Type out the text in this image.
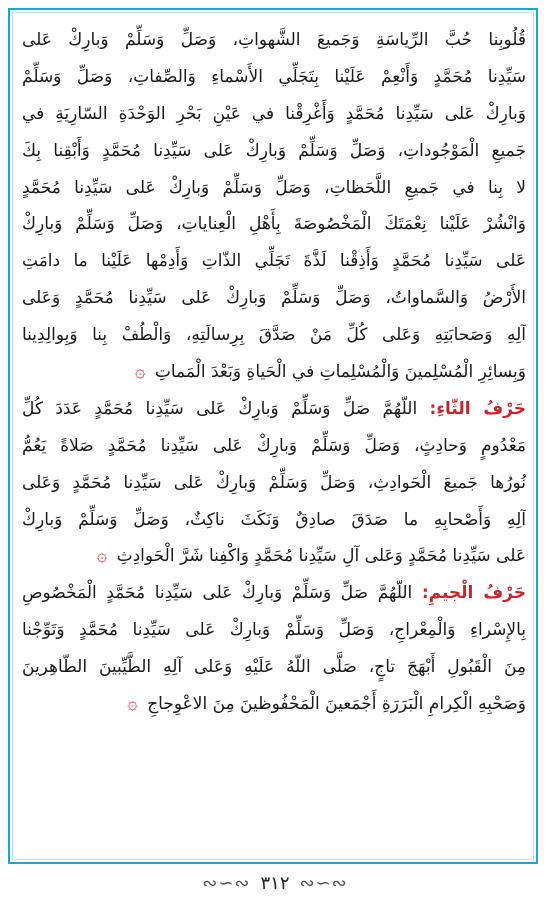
قُلُوبِنا حُبَّ الرِّياسَةِ وَجَميعَ الشَّهواتِ، وَصَلِّ وَسَلِّمْ وَبارِكْ عَلى
سَيِّدِنا مُحَمَّدٍ وَأَنْعِمْ عَلَيْنا بِتَجَلِّي الأَسْماءِ وَالصِّفاتِ، وَصَلِّ وَسَلِّمْ
وَبارِكْ عَلى سَيِّدِنا مُحَمَّدٍ وَأَغْرِقْنا في عَيْنِ بَحْرِ الوَحْدَةِ السّارِيَةِ في
جَميعِ الْمَوْجُوداتِ، وَصَلِّ وَسَلِّمْ وَبارِكْ عَلى سَيِّدِنا مُحَمَّدٍ وَأَبْقِنا بِكَ
لا بِنا في جَميعِ اللَّحَظاتِ، وَصَلِّ وَسَلِّمْ وَبارِكْ عَلى سَيِّدِنا مُحَمَّدٍ
وَانْشُرْ عَلَيْنا نِعْمَتَكَ الْمَخْصُوصَةَ بِأَهْلِ الْعِناياتِ، وَصَلِّ وَسَلِّمْ وَبارِكْ
عَلى سَيِّدِنا مُحَمَّدٍ وَأَذِقْنا لَذَّةَ تَجَلِّي الذّاتِ وَأَدِمْها عَلَيْنا ما دامَتِ
الأَرْضُ وَالسَّماواتُ، وَصَلِّ وَسَلِّمْ وَبارِكْ عَلى سَيِّدِنا مُحَمَّدٍ وَعَلى
آلِهِ وَصَحابَتِهِ وَعَلى كُلِّ مَنْ صَدَّقَ بِرِسالَتِهِ، وَالْطُفْ بِنا وَبِوالِدِينا
وَبِسائِرِ الْمُسْلِمينَ وَالْمُسْلِماتِ في الْحَياةِ وَبَعْدَ الْمَماتِ ۞
حَرْفُ الثّاءِ: اللّهُمَّ صَلِّ وَسَلِّمْ وَبارِكْ عَلى سَيِّدِنا مُحَمَّدٍ عَدَدَ كُلِّ
مَعْدُومٍ وَحادِثٍ، وَصَلِّ وَسَلِّمْ وَبارِكْ عَلى سَيِّدِنا مُحَمَّدٍ صَلاةً يَعُمُّ
نُورُها جَميعَ الْحَوادِثِ، وَصَلِّ وَسَلِّمْ وَبارِكْ عَلى سَيِّدِنا مُحَمَّدٍ وَعَلى
آلِهِ وَأَصْحابِهِ ما صَدَقَ صادِقٌ وَنَكَثَ ناكِثٌ، وَصَلِّ وَسَلِّمْ وَبارِكْ
عَلى سَيِّدِنا مُحَمَّدٍ وَعَلى آلِ سَيِّدِنا مُحَمَّدٍ وَاكْفِنا شَرَّ الْحَوادِثِ ۞
حَرْفُ الْجيمِ: اللّهُمَّ صَلِّ وَسَلِّمْ وَبارِكْ عَلى سَيِّدِنا مُحَمَّدٍ الْمَخْصُوصِ
بِالإِسْراءِ وَالْمِعْراجِ، وَصَلِّ وَسَلِّمْ وَبارِكْ عَلى سَيِّدِنا مُحَمَّدٍ وَتَوِّجْنا
مِنَ الْقَبُولِ أَبْهَجَ تاجٍ، صَلَّى اللّهُ عَلَيْهِ وَعَلى آلِهِ الطَّيِّبينَ الطّاهِرينَ
وَصَحْبِهِ الْكِرامِ الْبَرَرَةِ أَجْمَعينَ الْمَحْفُوظينَ مِنَ الاعْوِجاجِ ۞
∾∽∾ ٣١٢ ∾∽∾
